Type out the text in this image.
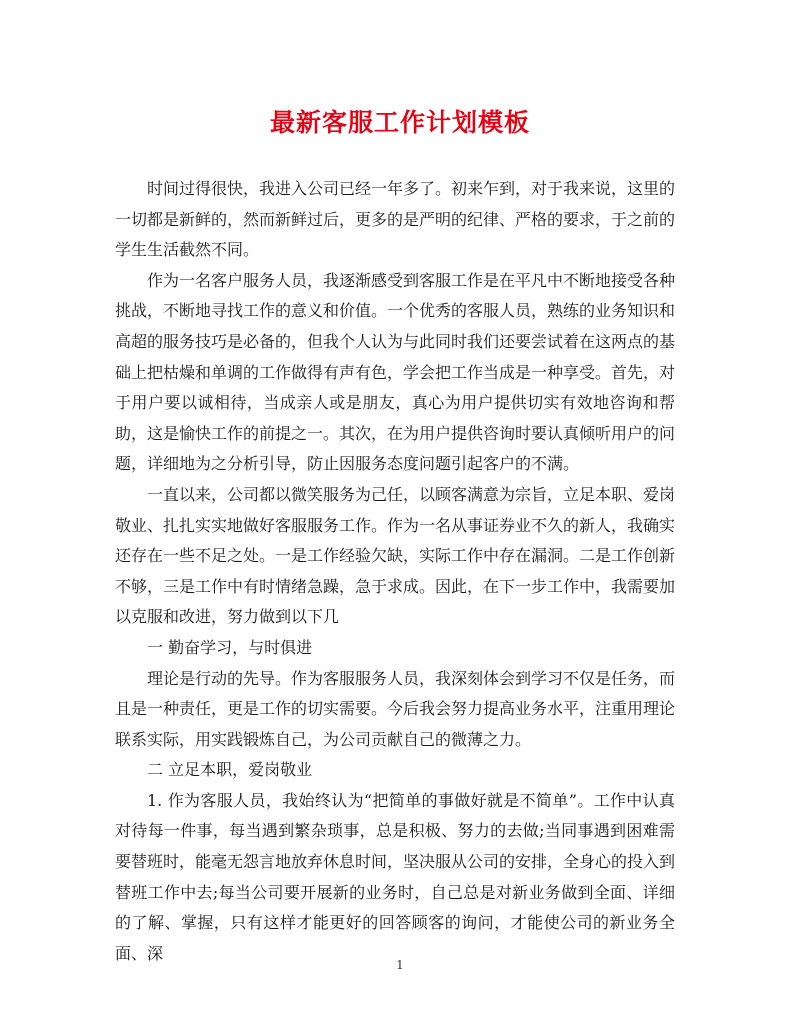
最新客服工作计划模板

时间过得很快，我进入公司已经一年多了。初来乍到，对于我来说，这里的一切都是新鲜的，然而新鲜过后，更多的是严明的纪律、严格的要求，于之前的学生生活截然不同。

作为一名客户服务人员，我逐渐感受到客服工作是在平凡中不断地接受各种挑战，不断地寻找工作的意义和价值。一个优秀的客服人员，熟练的业务知识和高超的服务技巧是必备的，但我个人认为与此同时我们还要尝试着在这两点的基础上把枯燥和单调的工作做得有声有色，学会把工作当成是一种享受。首先，对于用户要以诚相待，当成亲人或是朋友，真心为用户提供切实有效地咨询和帮助，这是愉快工作的前提之一。其次，在为用户提供咨询时要认真倾听用户的问题，详细地为之分析引导，防止因服务态度问题引起客户的不满。

一直以来，公司都以微笑服务为己任，以顾客满意为宗旨，立足本职、爱岗敬业、扎扎实实地做好客服服务工作。作为一名从事证券业不久的新人，我确实还存在一些不足之处。一是工作经验欠缺，实际工作中存在漏洞。二是工作创新不够，三是工作中有时情绪急躁，急于求成。因此，在下一步工作中，我需要加以克服和改进，努力做到以下几

一 勤奋学习，与时俱进

理论是行动的先导。作为客服服务人员，我深刻体会到学习不仅是任务，而且是一种责任，更是工作的切实需要。今后我会努力提高业务水平，注重用理论联系实际，用实践锻炼自己，为公司贡献自己的微薄之力。

二 立足本职，爱岗敬业

1. 作为客服人员，我始终认为“把简单的事做好就是不简单”。工作中认真对待每一件事，每当遇到繁杂琐事，总是积极、努力的去做;当同事遇到困难需要替班时，能毫无怨言地放弃休息时间，坚决服从公司的安排，全身心的投入到替班工作中去;每当公司要开展新的业务时，自己总是对新业务做到全面、详细的了解、掌握，只有这样才能更好的回答顾客的询问，才能使公司的新业务全面、深

1
